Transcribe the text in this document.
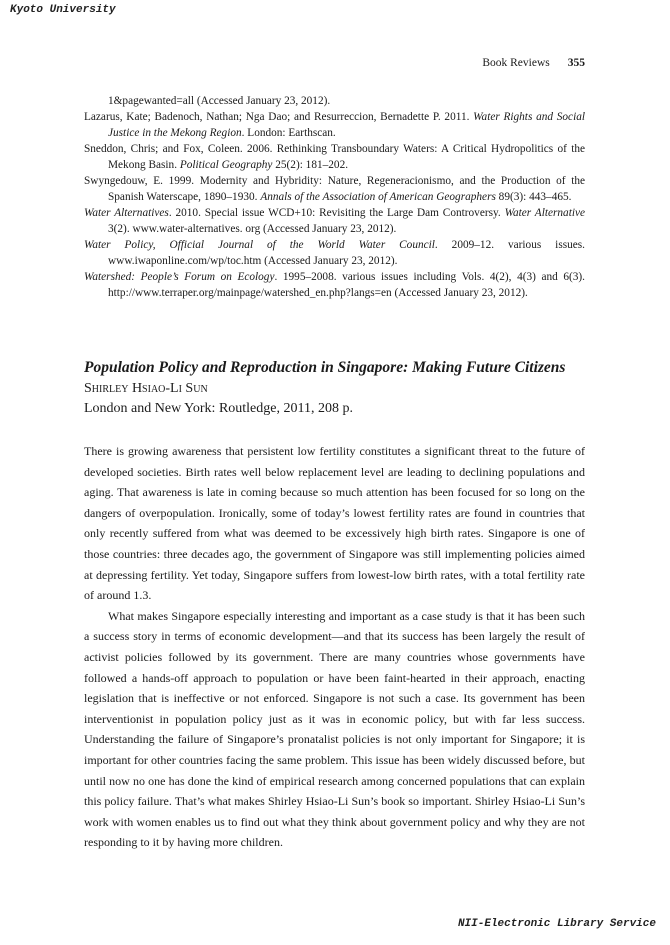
Kyoto University
Book Reviews 355

1&pagewanted=all (Accessed January 23, 2012).

Lazarus, Kate; Badenoch, Nathan; Nga Dao; and Resurreccion, Bernadette P. 2011. Water Rights and Social Justice in the Mekong Region. London: Earthscan.

Sneddon, Chris; and Fox, Coleen. 2006. Rethinking Transboundary Waters: A Critical Hydropolitics of the Mekong Basin. Political Geography 25(2): 181–202.

Swyngedouw, E. 1999. Modernity and Hybridity: Nature, Regeneracionismo, and the Production of the Spanish Waterscape, 1890–1930. Annals of the Association of American Geographers 89(3): 443–465.

Water Alternatives. 2010. Special issue WCD+10: Revisiting the Large Dam Controversy. Water Alternative 3(2). www.water-alternatives. org (Accessed January 23, 2012).

Water Policy, Official Journal of the World Water Council. 2009–12. various issues. www.iwaponline.com/wp/toc.htm (Accessed January 23, 2012).

Watershed: People’s Forum on Ecology. 1995–2008. various issues including Vols. 4(2), 4(3) and 6(3). http://www.terraper.org/mainpage/watershed_en.php?langs=en (Accessed January 23, 2012).

Population Policy and Reproduction in Singapore: Making Future Citizens

Shirley Hsiao-Li Sun

London and New York: Routledge, 2011, 208 p.

There is growing awareness that persistent low fertility constitutes a significant threat to the future of developed societies. Birth rates well below replacement level are leading to declining populations and aging. That awareness is late in coming because so much attention has been focused for so long on the dangers of overpopulation. Ironically, some of today’s lowest fertility rates are found in countries that only recently suffered from what was deemed to be excessively high birth rates. Singapore is one of those countries: three decades ago, the government of Singapore was still implementing policies aimed at depressing fertility. Yet today, Singapore suffers from lowest-low birth rates, with a total fertility rate of around 1.3.

What makes Singapore especially interesting and important as a case study is that it has been such a success story in terms of economic development—and that its success has been largely the result of activist policies followed by its government. There are many countries whose governments have followed a hands-off approach to population or have been faint-hearted in their approach, enacting legislation that is ineffective or not enforced. Singapore is not such a case. Its government has been interventionist in population policy just as it was in economic policy, but with far less success. Understanding the failure of Singapore’s pronatalist policies is not only important for Singapore; it is important for other countries facing the same problem. This issue has been widely discussed before, but until now no one has done the kind of empirical research among concerned populations that can explain this policy failure. That’s what makes Shirley Hsiao-Li Sun’s book so important. Shirley Hsiao-Li Sun’s work with women enables us to find out what they think about government policy and why they are not responding to it by having more children.

NII-Electronic Library Service
